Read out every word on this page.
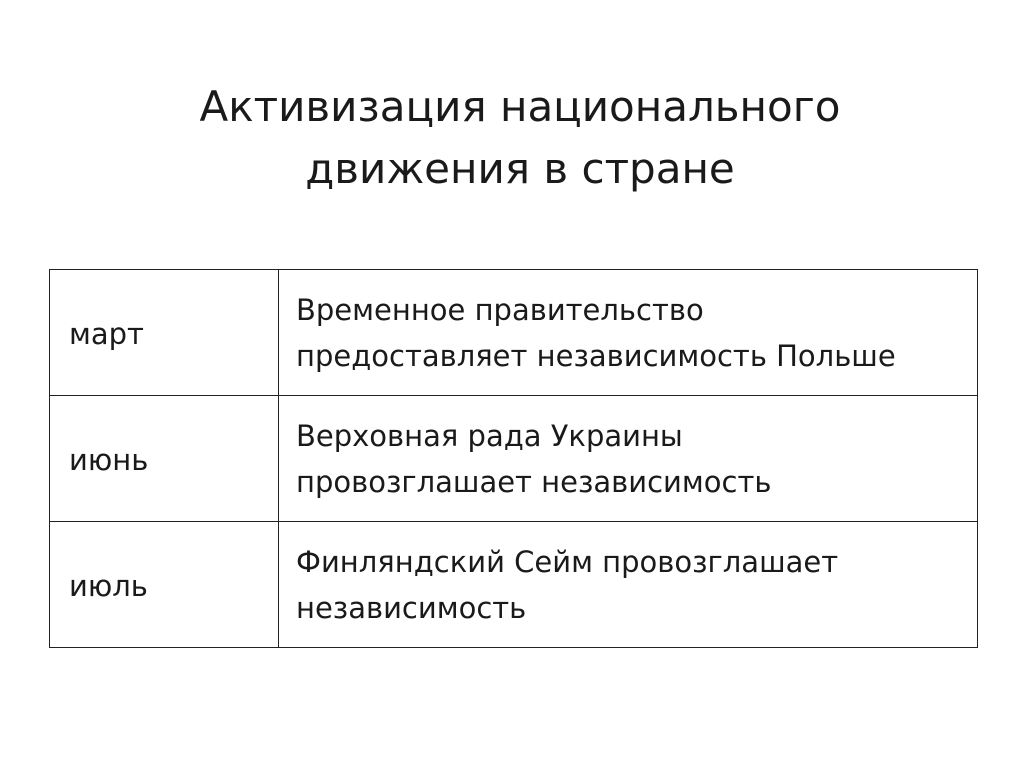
Активизация национального
движения в стране
март	Временное правительство
предоставляет независимость Польше

июнь	Верховная рада Украины
провозглашает независимость

июль	Финляндский Сейм провозглашает
независимость
